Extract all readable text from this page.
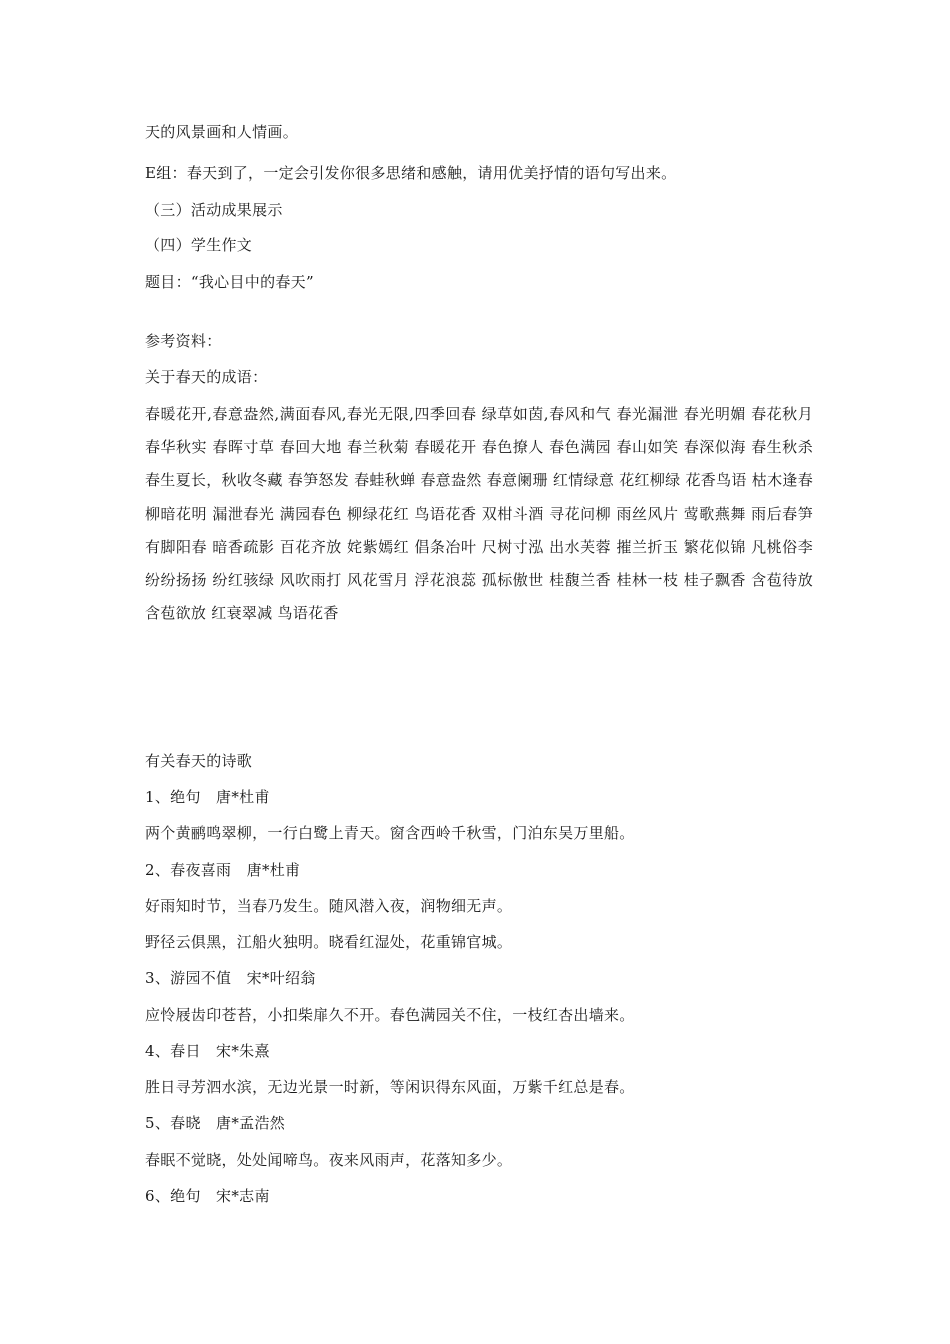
天的风景画和人情画。
E组：春天到了，一定会引发你很多思绪和感触，请用优美抒情的语句写出来。
（三）活动成果展示
（四）学生作文
题目：“我心目中的春天”
参考资料：
关于春天的成语：
春暖花开,春意盎然,满面春风,春光无限,四季回春 绿草如茵,春风和气 春光漏泄 春光明媚 春花秋月 春华秋实 春晖寸草 春回大地 春兰秋菊 春暖花开 春色撩人 春色满园 春山如笑 春深似海 春生秋杀 春生夏长，秋收冬藏 春笋怒发 春蛙秋蝉 春意盎然 春意阑珊 红情绿意 花红柳绿 花香鸟语 枯木逢春 柳暗花明 漏泄春光 满园春色 柳绿花红 鸟语花香 双柑斗酒 寻花问柳 雨丝风片 莺歌燕舞 雨后春笋 有脚阳春 暗香疏影 百花齐放 姹紫嫣红 倡条冶叶 尺树寸泓 出水芙蓉 摧兰折玉 繁花似锦 凡桃俗李 纷纷扬扬 纷红骇绿 风吹雨打 风花雪月 浮花浪蕊 孤标傲世 桂馥兰香 桂林一枝 桂子飘香 含苞待放 含苞欲放 红衰翠减 鸟语花香
有关春天的诗歌
1、绝句　唐*杜甫
两个黄鹂鸣翠柳，一行白鹭上青天。窗含西岭千秋雪，门泊东吴万里船。
2、春夜喜雨　唐*杜甫
好雨知时节，当春乃发生。随风潜入夜，润物细无声。
野径云俱黑，江船火独明。晓看红湿处，花重锦官城。
3、游园不值　宋*叶绍翁
应怜屐齿印苍苔，小扣柴扉久不开。春色满园关不住，一枝红杏出墙来。
4、春日　宋*朱熹
胜日寻芳泗水滨，无边光景一时新，等闲识得东风面，万紫千红总是春。
5、春晓　唐*孟浩然
春眠不觉晓，处处闻啼鸟。夜来风雨声，花落知多少。
6、绝句　宋*志南
